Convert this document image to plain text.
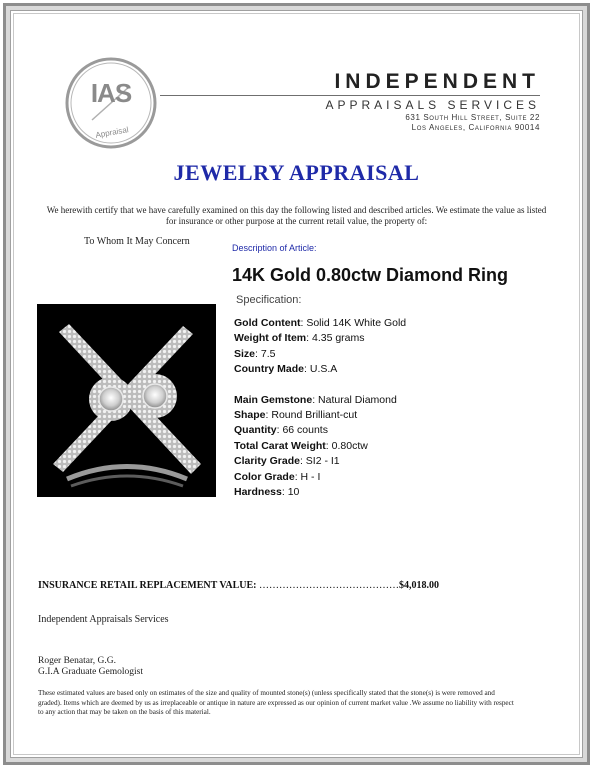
IAS
Appraisal
INDEPENDENT
APPRAISALS SERVICES
631 South Hill Street, Suite 22
Los Angeles, California 90014
JEWELRY APPRAISAL
We herewith certify that we have carefully examined on this day the following listed and described articles. We estimate the value as listed for insurance or other purpose at the current retail value, the property of:
To Whom It May Concern
Description of Article:
14K Gold 0.80ctw Diamond Ring
Specification:
Gold Content: Solid 14K White Gold
Weight of Item: 4.35 grams
Size: 7.5
Country Made: U.S.A
Main Gemstone: Natural Diamond
Shape: Round Brilliant-cut
Quantity: 66 counts
Total Carat Weight: 0.80ctw
Clarity Grade: SI2 - I1
Color Grade: H - I
Hardness: 10
INSURANCE RETAIL REPLACEMENT VALUE: ……………………………………$4,018.00
Independent Appraisals Services
Roger Benatar, G.G.
G.I.A Graduate Gemologist
These estimated values are based only on estimates of the size and quality of mounted stone(s) (unless specifically stated that the stone(s) is were removed and graded). Items which are deemed by us as irreplaceable or antique in nature are expressed as our opinion of current market value .We assume no liability with respect to any action that may be taken on the basis of this material.
